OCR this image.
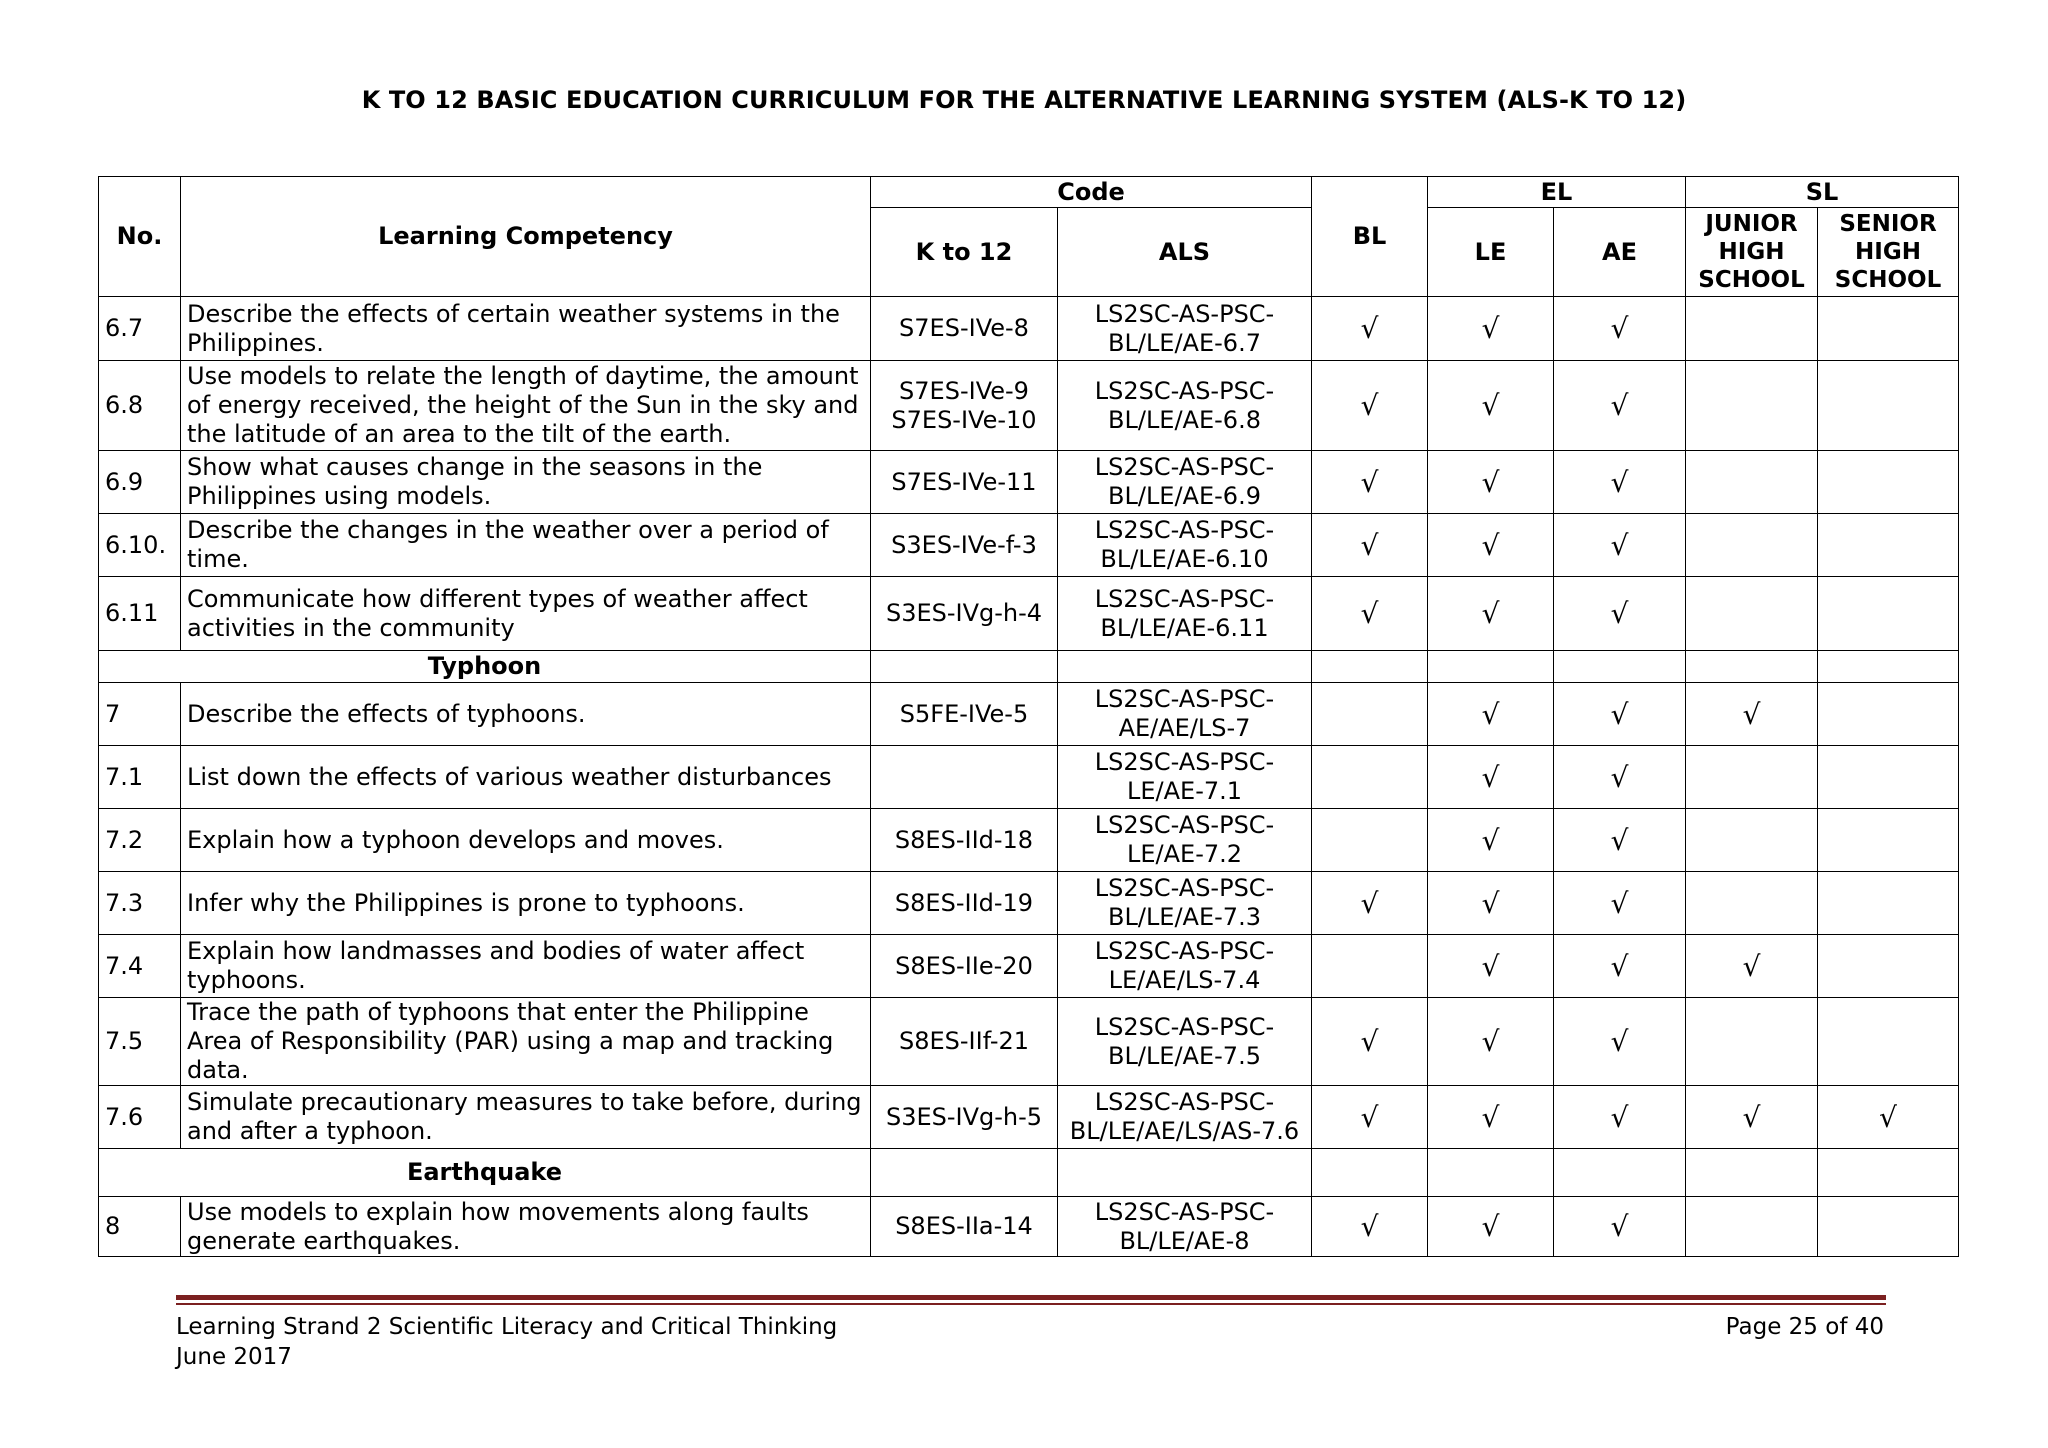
K TO 12 BASIC EDUCATION CURRICULUM FOR THE ALTERNATIVE LEARNING SYSTEM (ALS-K TO 12)
No.	Learning Competency	Code		BL	EL		SL	
		K to 12	ALS		LE	AE	JUNIOR HIGH SCHOOL	SENIOR HIGH SCHOOL
6.7	Describe the effects of certain weather systems in the Philippines.	S7ES-IVe-8	LS2SC-AS-PSC-BL/LE/AE-6.7	√	√	√		
6.8	Use models to relate the length of daytime, the amount of energy received, the height of the Sun in the sky and the latitude of an area to the tilt of the earth.	S7ES-IVe-9 S7ES-IVe-10	LS2SC-AS-PSC-BL/LE/AE-6.8	√	√	√		
6.9	Show what causes change in the seasons in the Philippines using models.	S7ES-IVe-11	LS2SC-AS-PSC-BL/LE/AE-6.9	√	√	√		
6.10.	Describe the changes in the weather over a period of time.	S3ES-IVe-f-3	LS2SC-AS-PSC-BL/LE/AE-6.10	√	√	√		
6.11	Communicate how different types of weather affect activities in the community	S3ES-IVg-h-4	LS2SC-AS-PSC-BL/LE/AE-6.11	√	√	√		
Typhoon								
7	Describe the effects of typhoons.	S5FE-IVe-5	LS2SC-AS-PSC-AE/AE/LS-7		√	√	√	
7.1	List down the effects of various weather disturbances		LS2SC-AS-PSC-LE/AE-7.1		√	√		
7.2	Explain how a typhoon develops and moves.	S8ES-IId-18	LS2SC-AS-PSC-LE/AE-7.2		√	√		
7.3	Infer why the Philippines is prone to typhoons.	S8ES-IId-19	LS2SC-AS-PSC-BL/LE/AE-7.3	√	√	√		
7.4	Explain how landmasses and bodies of water affect typhoons.	S8ES-IIe-20	LS2SC-AS-PSC-LE/AE/LS-7.4		√	√	√	
7.5	Trace the path of typhoons that enter the Philippine Area of Responsibility (PAR) using a map and tracking data.	S8ES-IIf-21	LS2SC-AS-PSC-BL/LE/AE-7.5	√	√	√		
7.6	Simulate precautionary measures to take before, during and after a typhoon.	S3ES-IVg-h-5	LS2SC-AS-PSC-BL/LE/AE/LS/AS-7.6	√	√	√	√	√
Earthquake								
8	Use models to explain how movements along faults generate earthquakes.	S8ES-IIa-14	LS2SC-AS-PSC-BL/LE/AE-8	√	√	√		
Learning Strand 2 Scientific Literacy and Critical Thinking
June 2017
Page 25 of 40
